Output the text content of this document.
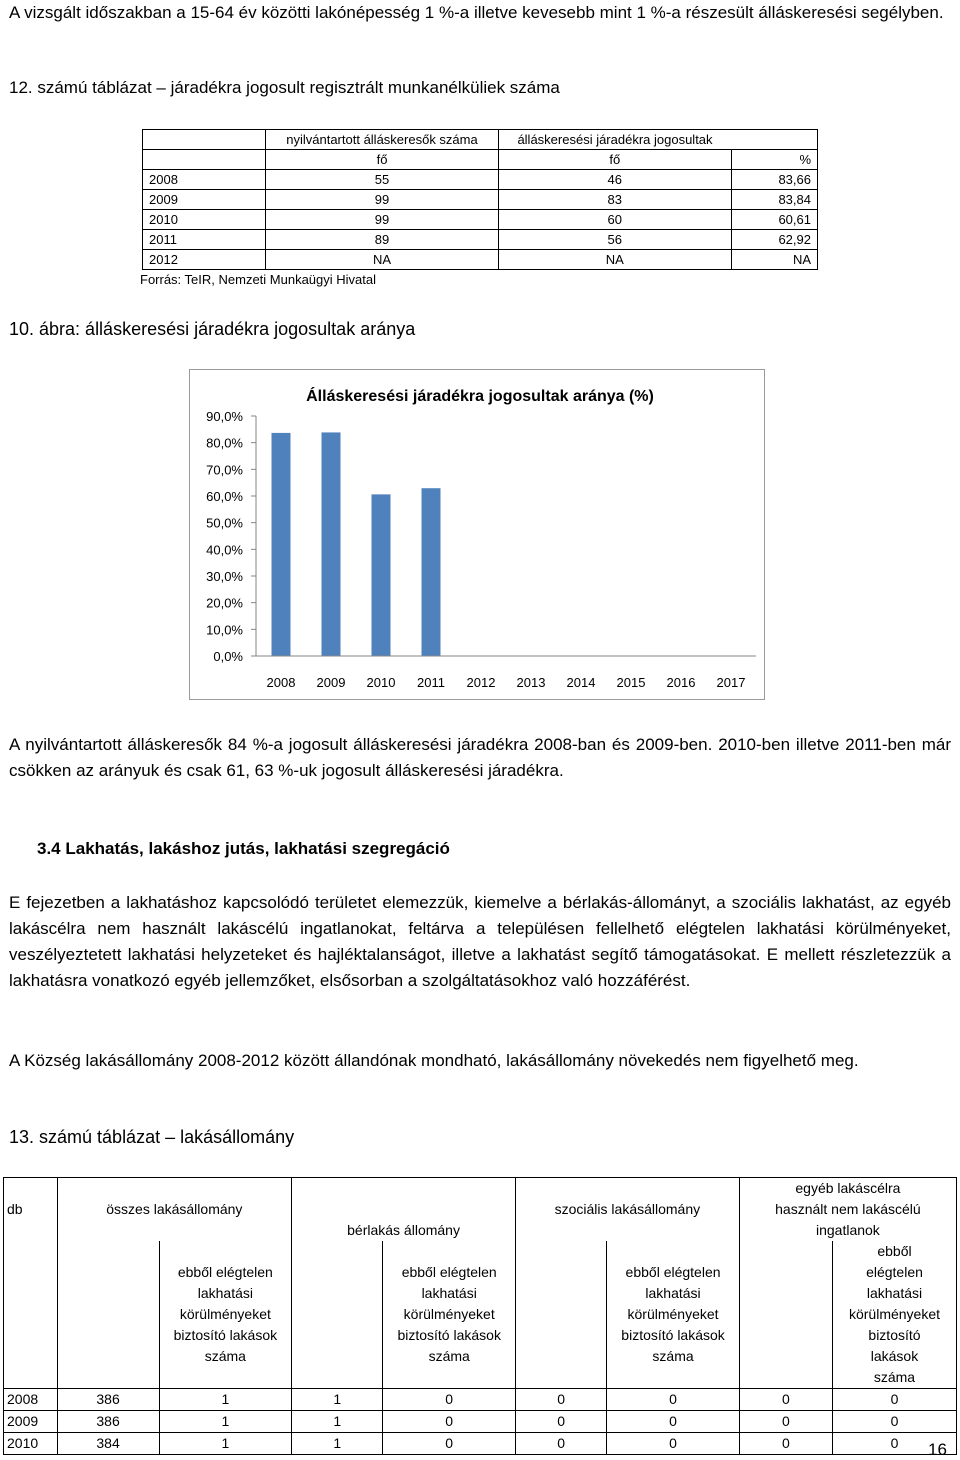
A vizsgált időszakban a 15-64 év közötti lakónépesség 1 %-a illetve kevesebb mint 1 %-a részesült álláskeresési segélyben.
12. számú táblázat – járadékra jogosult regisztrált munkanélküliek száma
	nyilvántartott álláskeresők száma	álláskeresési járadékra jogosultak	
	fő	fő	%
2008	55	46	83,66
2009	99	83	83,84
2010	99	60	60,61
2011	89	56	62,92
2012	NA	NA	NA
Forrás: TeIR, Nemzeti Munkaügyi Hivatal
10. ábra: álláskeresési járadékra jogosultak aránya
Álláskeresési járadékra jogosultak aránya (%)
0,0%
10,0%
20,0%
30,0%
40,0%
50,0%
60,0%
70,0%
80,0%
90,0%
2008 2009 2010 2011 2012 2013 2014 2015 2016 2017
A nyilvántartott álláskeresők 84 %-a jogosult álláskeresési járadékra 2008-ban és 2009-ben. 2010-ben illetve 2011-ben már csökken az arányuk és csak 61, 63 %-uk jogosult álláskeresési járadékra.
3.4 Lakhatás, lakáshoz jutás, lakhatási szegregáció
E fejezetben a lakhatáshoz kapcsolódó területet elemezzük, kiemelve a bérlakás-állományt, a szociális lakhatást, az egyéb lakáscélra nem használt lakáscélú ingatlanokat, feltárva a településen fellelhető elégtelen lakhatási körülményeket, veszélyeztetett lakhatási helyzeteket és hajléktalanságot, illetve a lakhatást segítő támogatásokat. E mellett részletezzük a lakhatásra vonatkozó egyéb jellemzőket, elsősorban a szolgáltatásokhoz való hozzáférést.
A Község lakásállomány 2008-2012 között állandónak mondható, lakásállomány növekedés nem figyelhető meg.
13. számú táblázat – lakásállomány
db	összes lakásállomány		bérlakás állomány		szociális lakásállomány		egyéb lakáscélra használt nem lakáscélú ingatlanok	
		ebből elégtelen lakhatási körülményeket biztosító lakások száma		ebből elégtelen lakhatási körülményeket biztosító lakások száma		ebből elégtelen lakhatási körülményeket biztosító lakások száma		ebből elégtelen lakhatási körülményeket biztosító lakások száma
2008	386	1	1	0	0	0	0	0
2009	386	1	1	0	0	0	0	0
2010	384	1	1	0	0	0	0	0 16
